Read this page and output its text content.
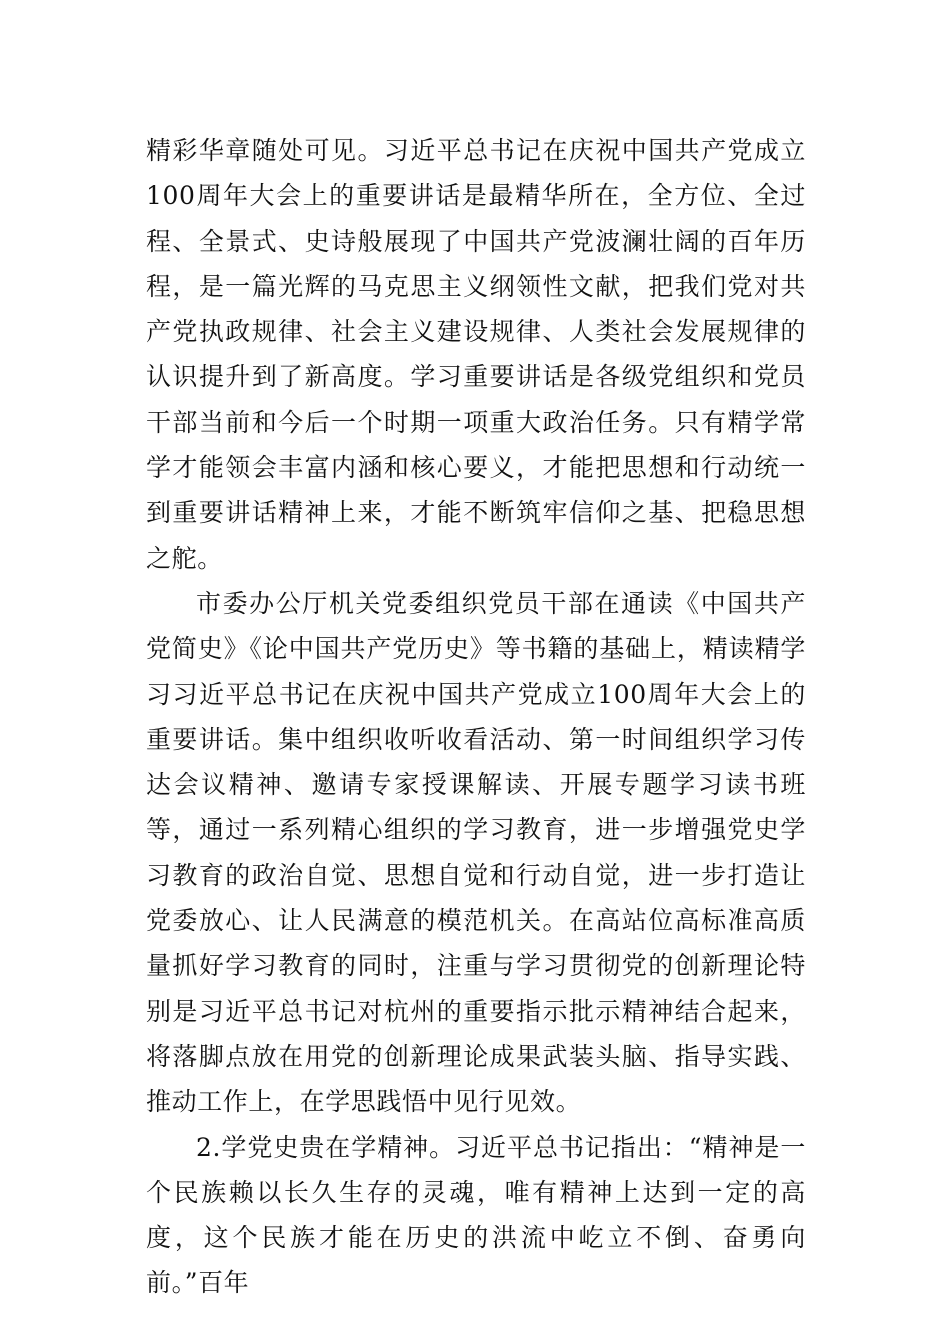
精彩华章随处可见。习近平总书记在庆祝中国共产党成立100周年大会上的重要讲话是最精华所在，全方位、全过程、全景式、史诗般展现了中国共产党波澜壮阔的百年历程，是一篇光辉的马克思主义纲领性文献，把我们党对共产党执政规律、社会主义建设规律、人类社会发展规律的认识提升到了新高度。学习重要讲话是各级党组织和党员干部当前和今后一个时期一项重大政治任务。只有精学常学才能领会丰富内涵和核心要义，才能把思想和行动统一到重要讲话精神上来，才能不断筑牢信仰之基、把稳思想之舵。

市委办公厅机关党委组织党员干部在通读《中国共产党简史》《论中国共产党历史》等书籍的基础上，精读精学习习近平总书记在庆祝中国共产党成立100周年大会上的重要讲话。集中组织收听收看活动、第一时间组织学习传达会议精神、邀请专家授课解读、开展专题学习读书班等，通过一系列精心组织的学习教育，进一步增强党史学习教育的政治自觉、思想自觉和行动自觉，进一步打造让党委放心、让人民满意的模范机关。在高站位高标准高质量抓好学习教育的同时，注重与学习贯彻党的创新理论特别是习近平总书记对杭州的重要指示批示精神结合起来，将落脚点放在用党的创新理论成果武装头脑、指导实践、推动工作上，在学思践悟中见行见效。

2.学党史贵在学精神。习近平总书记指出：“精神是一个民族赖以长久生存的灵魂，唯有精神上达到一定的高度，这个民族才能在历史的洪流中屹立不倒、奋勇向前。”百年
